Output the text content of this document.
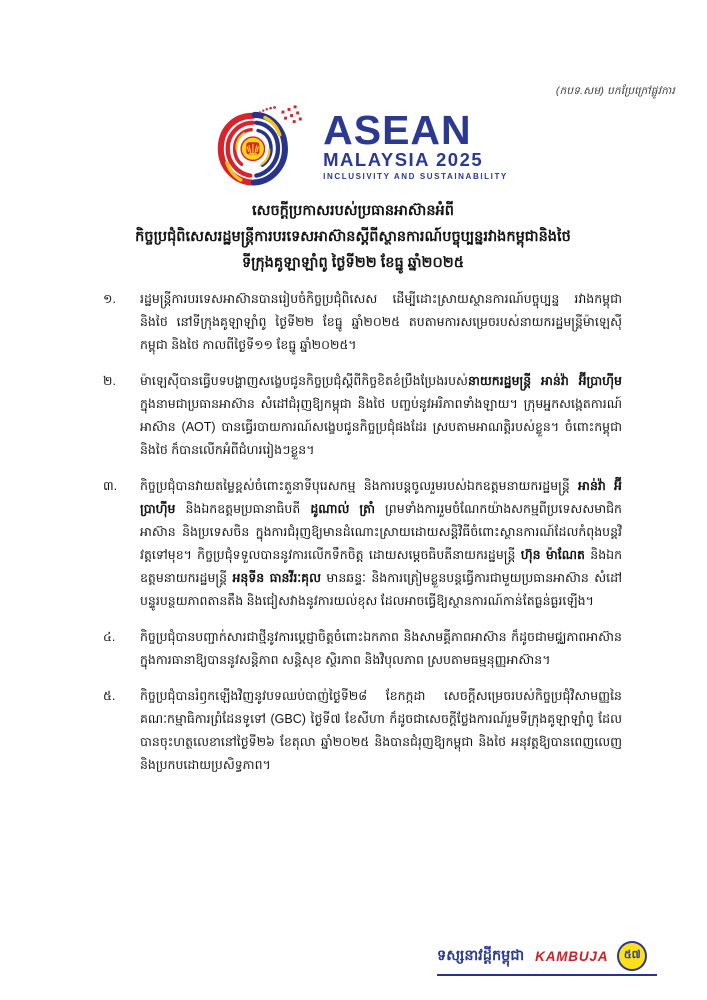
(កបទ.សម) បកប្រែក្រៅផ្លូវការ
ASEAN
MALAYSIA 2025
INCLUSIVITY AND SUSTAINABILITY
សេចក្តីប្រកាសរបស់ប្រធានអាស៊ានអំពី
កិច្ចប្រជុំពិសេសរដ្ឋមន្ត្រីការបរទេសអាស៊ានស្តីពីស្ថានការណ៍បច្ចុប្បន្នរវាងកម្ពុជានិងថៃ
ទីក្រុងគូឡាឡាំពូ ថ្ងៃទី២២ ខែធ្នូ ឆ្នាំ២០២៥
១.	រដ្ឋមន្ត្រីការបរទេសអាស៊ានបានរៀបចំកិច្ចប្រជុំពិសេស ដើម្បីដោះស្រាយស្ថានការណ៍បច្ចុប្បន្ន រវាងកម្ពុជានិងថៃ នៅទីក្រុងគូឡាឡាំពូ ថ្ងៃទី២២ ខែធ្នូ ឆ្នាំ២០២៥ តបតាមការសម្រេចរបស់នាយករដ្ឋមន្ត្រីម៉ាឡេស៊ី កម្ពុជា និងថៃ កាលពីថ្ងៃទី១១ ខែធ្នូ ឆ្នាំ២០២៥។
២.	ម៉ាឡេស៊ីបានធ្វើបទបង្ហាញសង្ខេបជូនកិច្ចប្រជុំស្តីពីកិច្ចខិតខំប្រឹងប្រែងរបស់នាយករដ្ឋមន្ត្រី អាន់វ៉ា អ៊ីប្រាហ៊ីម ក្នុងនាមជាប្រធានអាស៊ាន សំដៅជំរុញឱ្យកម្ពុជា និងថៃ បញ្ចប់នូវអរិភាពទាំងឡាយ។ ក្រុមអ្នកសង្កេតការណ៍អាស៊ាន (AOT) បានធ្វើរបាយការណ៍សង្ខេបជូនកិច្ចប្រជុំផងដែរ ស្របតាមអាណត្តិរបស់ខ្លួន។ ចំពោះកម្ពុជា និងថៃ ក៏បានលើកអំពីជំហររៀងៗខ្លួន។
៣.	កិច្ចប្រជុំបានវាយតម្លៃខ្ពស់ចំពោះតួនាទីបុរេសកម្ម និងការបន្តចូលរួមរបស់ឯកឧត្តមនាយករដ្ឋមន្ត្រី អាន់វ៉ា អ៊ីប្រាហ៊ីម និងឯកឧត្តមប្រធានាធិបតី ដូណាល់ ត្រាំ ព្រមទាំងការរួមចំណែកយ៉ាងសកម្មពីប្រទេសសមាជិកអាស៊ាន និងប្រទេសចិន ក្នុងការជំរុញឱ្យមានដំណោះស្រាយដោយសន្តិវិធីចំពោះស្ថានការណ៍ដែលកំពុងបន្តវិវត្តទៅមុខ។ កិច្ចប្រជុំទទួលបាននូវការលើកទឹកចិត្ត ដោយសម្តេចធិបតីនាយករដ្ឋមន្ត្រី ហ៊ុន ម៉ាណែត និងឯកឧត្តមនាយករដ្ឋមន្ត្រី អនុទីន ធានវីរៈគុល មានឆន្ទៈ និងការត្រៀមខ្លួនបន្តធ្វើការជាមួយប្រធានអាស៊ាន សំដៅបន្ទូរបន្ថយភាពតានតឹង និងជៀសវាងនូវការយល់ខុស ដែលអាចធ្វើឱ្យស្ថានការណ៍កាន់តែធ្ងន់ធ្ងរឡើង។
៤.	កិច្ចប្រជុំបានបញ្ជាក់សារជាថ្មីនូវការប្តេជ្ញាចិត្តចំពោះឯកភាព និងសាមគ្គីភាពអាស៊ាន ក៏ដូចជាមជ្ឈភាពអាស៊ាន ក្នុងការធានាឱ្យបាននូវសន្តិភាព សន្តិសុខ ស្ថិរភាព និងវិបុលភាព ស្របតាមធម្មនុញ្ញអាស៊ាន។
៥.	កិច្ចប្រជុំបានរំឭកឡើងវិញនូវបទឈប់បាញ់ថ្ងៃទី២៨ ខែកក្កដា សេចក្តីសម្រេចរបស់កិច្ចប្រជុំវិសាមញ្ញនៃគណៈកម្មាធិការព្រំដែនទូទៅ (GBC) ថ្ងៃទី៧ ខែសីហា ក៏ដូចជាសេចក្តីថ្លែងការណ៍រួមទីក្រុងគូឡាឡាំពូ ដែលបានចុះហត្ថលេខានៅថ្ងៃទី២៦ ខែតុលា ឆ្នាំ២០២៥ និងបានជំរុញឱ្យកម្ពុជា និងថៃ អនុវត្តឱ្យបានពេញលេញ និងប្រកបដោយប្រសិទ្ធភាព។
ទស្សនាវដ្តីកម្ពុជា KAMBUJA ៥៧
